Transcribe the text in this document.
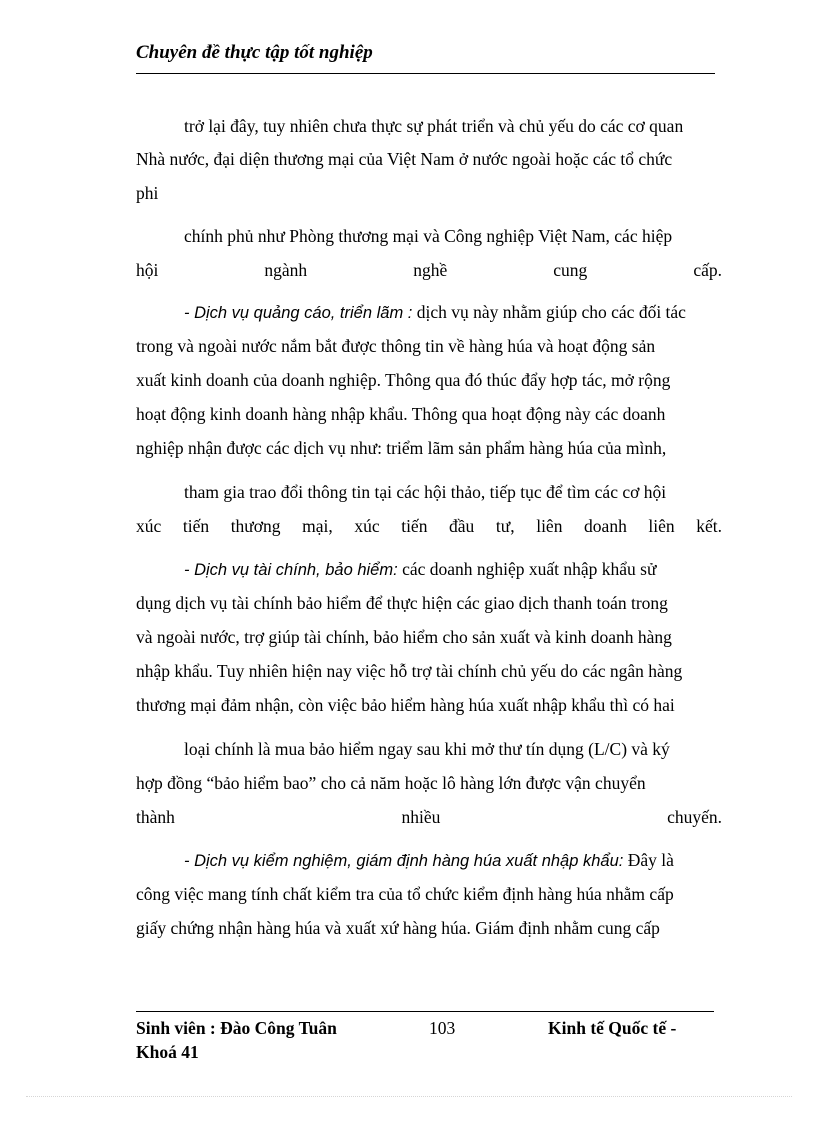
Chuyên đề thực tập tốt nghiệp
trở lại đây, tuy nhiên chưa thực sự phát triển và chủ yếu do các cơ quan
Nhà nước, đại diện thương mại của Việt Nam ở nước ngoài hoặc các tổ chức
phi
chính phủ như Phòng thương mại và Công nghiệp Việt Nam, các hiệp
hội ngành nghề cung cấp.
- Dịch vụ quảng cáo, triển lãm : dịch vụ này nhằm giúp cho các đối tác
trong và ngoài nước nắm bắt được thông tin về hàng húa và hoạt động sản
xuất kinh doanh của doanh nghiệp. Thông qua đó thúc đẩy hợp tác, mở rộng
hoạt động kinh doanh hàng nhập khẩu. Thông qua hoạt động này các doanh
nghiệp nhận được các dịch vụ như: triểm lãm sản phẩm hàng húa của mình,
tham gia trao đổi thông tin tại các hội thảo, tiếp tục để tìm các cơ hội
xúc tiến thương mại, xúc tiến đầu tư, liên doanh liên kết.
- Dịch vụ tài chính, bảo hiểm: các doanh nghiệp xuất nhập khẩu sử
dụng dịch vụ tài chính bảo hiểm để thực hiện các giao dịch thanh toán trong
và ngoài nước, trợ giúp tài chính, bảo hiểm cho sản xuất và kinh doanh hàng
nhập khẩu. Tuy nhiên hiện nay việc hỗ trợ tài chính chủ yếu do các ngân hàng
thương mại đảm nhận, còn việc bảo hiểm hàng húa xuất nhập khẩu thì có hai
loại chính là mua bảo hiểm ngay sau khi mở thư tín dụng (L/C) và ký
hợp đồng “bảo hiểm bao” cho cả năm hoặc lô hàng lớn được vận chuyển
thành nhiều chuyến.
- Dịch vụ kiểm nghiệm, giám định hàng húa xuất nhập khẩu: Đây là
công việc mang tính chất kiểm tra của tổ chức kiểm định hàng húa nhằm cấp
giấy chứng nhận hàng húa và xuất xứ hàng húa. Giám định nhằm cung cấp
Sinh viên : Đào Công Tuân	103	Kinh tế Quốc tế -
Khoá 41
